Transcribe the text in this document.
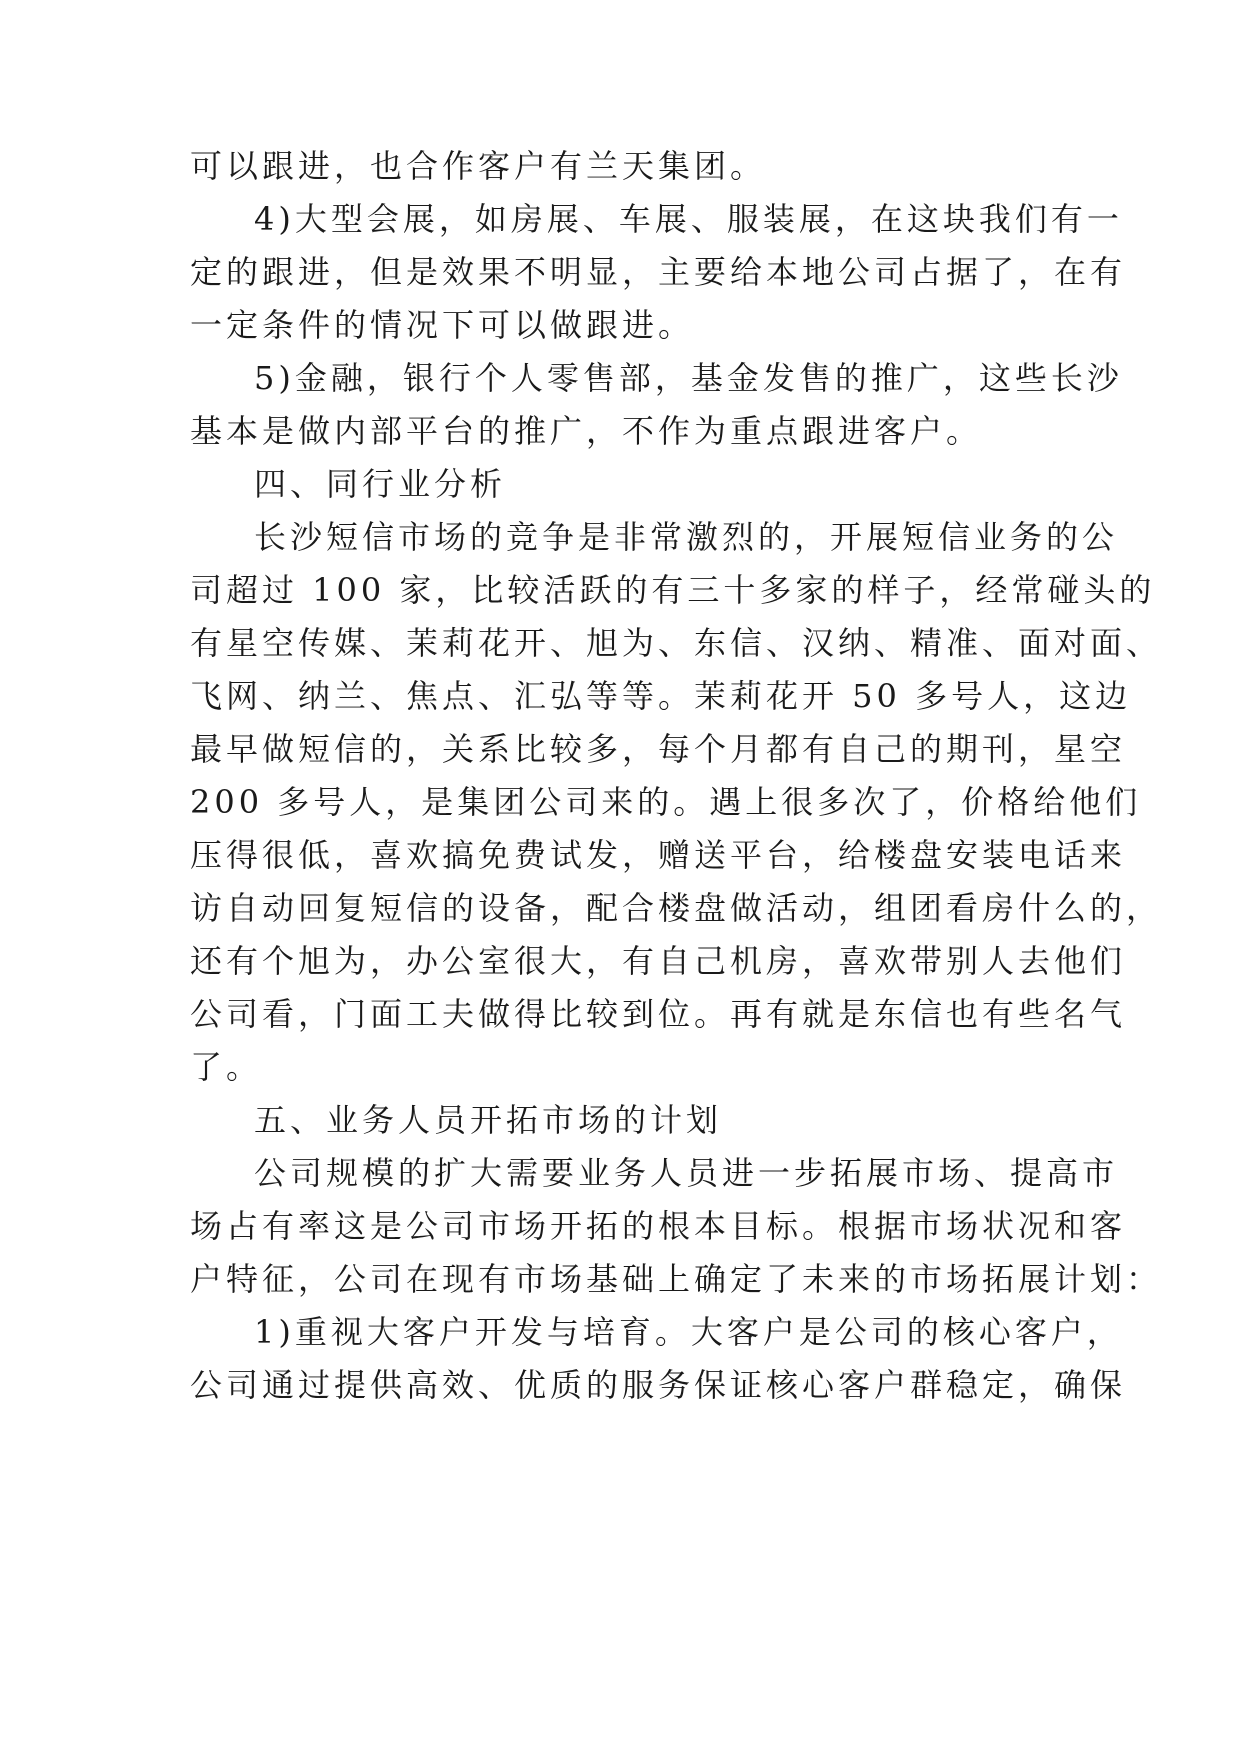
可以跟进，也合作客户有兰天集团。
4)大型会展，如房展、车展、服装展，在这块我们有一
定的跟进，但是效果不明显，主要给本地公司占据了，在有
一定条件的情况下可以做跟进。
5)金融，银行个人零售部，基金发售的推广，这些长沙
基本是做内部平台的推广，不作为重点跟进客户。
四、同行业分析
长沙短信市场的竞争是非常激烈的，开展短信业务的公
司超过 100 家，比较活跃的有三十多家的样子，经常碰头的
有星空传媒、茉莉花开、旭为、东信、汉纳、精准、面对面、
飞网、纳兰、焦点、汇弘等等。茉莉花开 50 多号人，这边
最早做短信的，关系比较多，每个月都有自己的期刊，星空
200 多号人，是集团公司来的。遇上很多次了，价格给他们
压得很低，喜欢搞免费试发，赠送平台，给楼盘安装电话来
访自动回复短信的设备，配合楼盘做活动，组团看房什么的，
还有个旭为，办公室很大，有自己机房，喜欢带别人去他们
公司看，门面工夫做得比较到位。再有就是东信也有些名气
了。
五、业务人员开拓市场的计划
公司规模的扩大需要业务人员进一步拓展市场、提高市
场占有率这是公司市场开拓的根本目标。根据市场状况和客
户特征，公司在现有市场基础上确定了未来的市场拓展计划：
1)重视大客户开发与培育。大客户是公司的核心客户，
公司通过提供高效、优质的服务保证核心客户群稳定，确保
